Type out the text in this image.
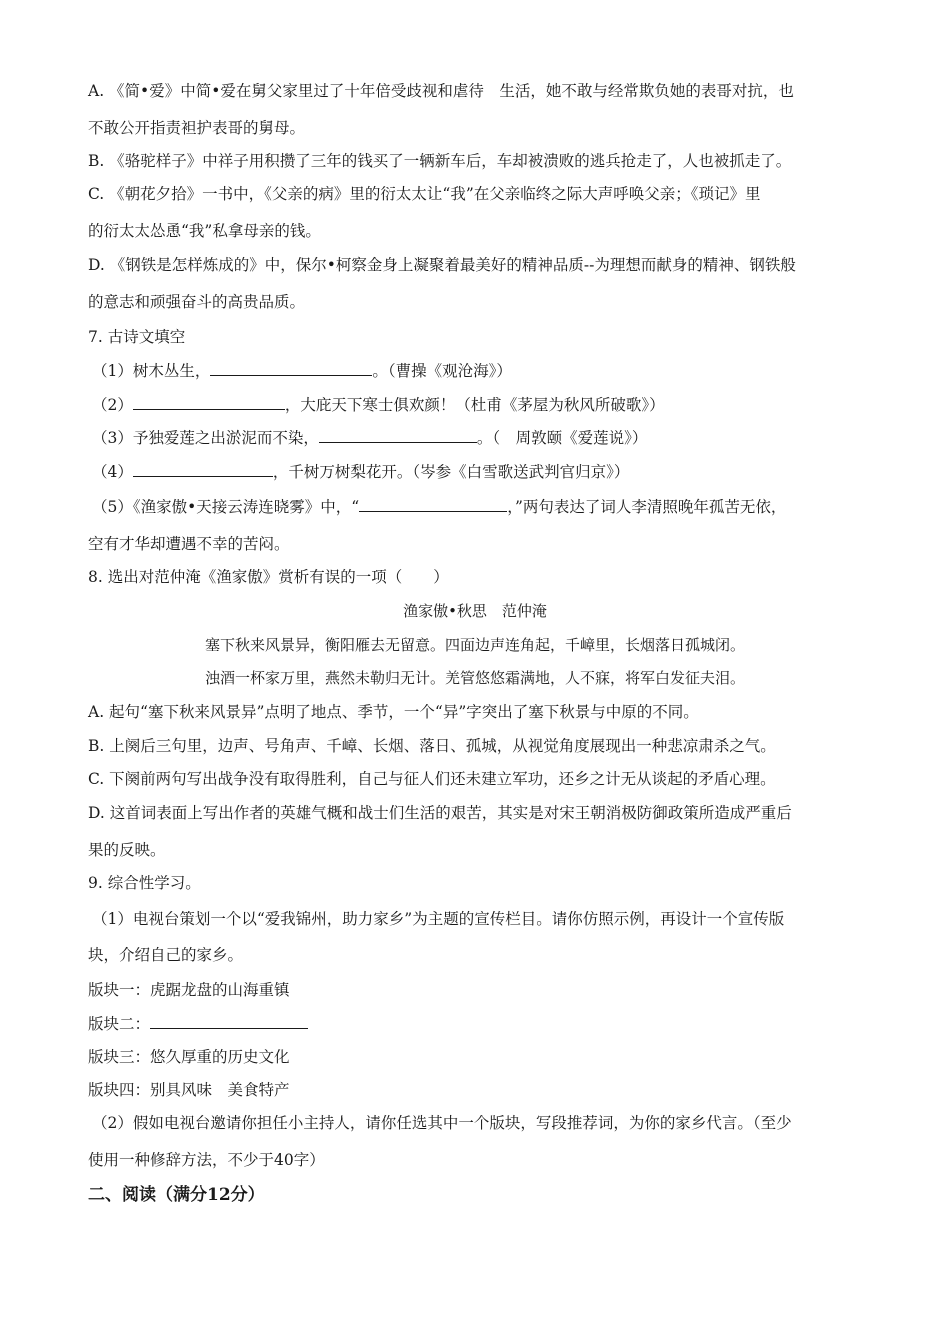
A. 《简•爱》中简•爱在舅父家里过了十年倍受歧视和虐待　生活，她不敢与经常欺负她的表哥对抗，也
不敢公开指责袒护表哥的舅母。
B. 《骆驼样子》中祥子用积攒了三年的钱买了一辆新车后，车却被溃败的逃兵抢走了，人也被抓走了。
C. 《朝花夕拾》一书中，《父亲的病》里的衍太太让“我”在父亲临终之际大声呼唤父亲；《琐记》里
的衍太太怂恿“我”私拿母亲的钱。
D. 《钢铁是怎样炼成的》中，保尔•柯察金身上凝聚着最美好的精神品质--为理想而献身的精神、钢铁般
的意志和顽强奋斗的高贵品质。
7. 古诗文填空
（1）树木丛生，	。（曹操《观沧海》）
（2）	，大庇天下寒士俱欢颜！（杜甫《茅屋为秋风所破歌》）
（3）予独爱莲之出淤泥而不染，	。（　周敦颐《爱莲说》）
（4）	，千树万树梨花开。（岑参《白雪歌送武判官归京》）
（5）《渔家傲•天接云涛连晓雾》中，“	，”两句表达了词人李清照晚年孤苦无依，
空有才华却遭遇不幸的苦闷。
8. 选出对范仲淹《渔家傲》赏析有误的一项（　　）
渔家傲•秋思　范仲淹
塞下秋来风景异，衡阳雁去无留意。四面边声连角起，千嶂里，长烟落日孤城闭。
浊酒一杯家万里，燕然未勒归无计。羌管悠悠霜满地，人不寐，将军白发征夫泪。
A. 起句“塞下秋来风景异”点明了地点、季节，一个“异”字突出了塞下秋景与中原的不同。
B. 上阕后三句里，边声、号角声、千嶂、长烟、落日、孤城，从视觉角度展现出一种悲凉肃杀之气。
C. 下阕前两句写出战争没有取得胜利，自己与征人们还未建立军功，还乡之计无从谈起的矛盾心理。
D. 这首词表面上写出作者的英雄气概和战士们生活的艰苦，其实是对宋王朝消极防御政策所造成严重后
果的反映。
9. 综合性学习。
（1）电视台策划一个以“爱我锦州，助力家乡”为主题的宣传栏目。请你仿照示例，再设计一个宣传版
块，介绍自己的家乡。
版块一：虎踞龙盘的山海重镇
版块二：
版块三：悠久厚重的历史文化
版块四：别具风味　美食特产
（2）假如电视台邀请你担任小主持人，请你任选其中一个版块，写段推荐词，为你的家乡代言。（至少
使用一种修辞方法，不少于40字）
二、阅读（满分12分）
